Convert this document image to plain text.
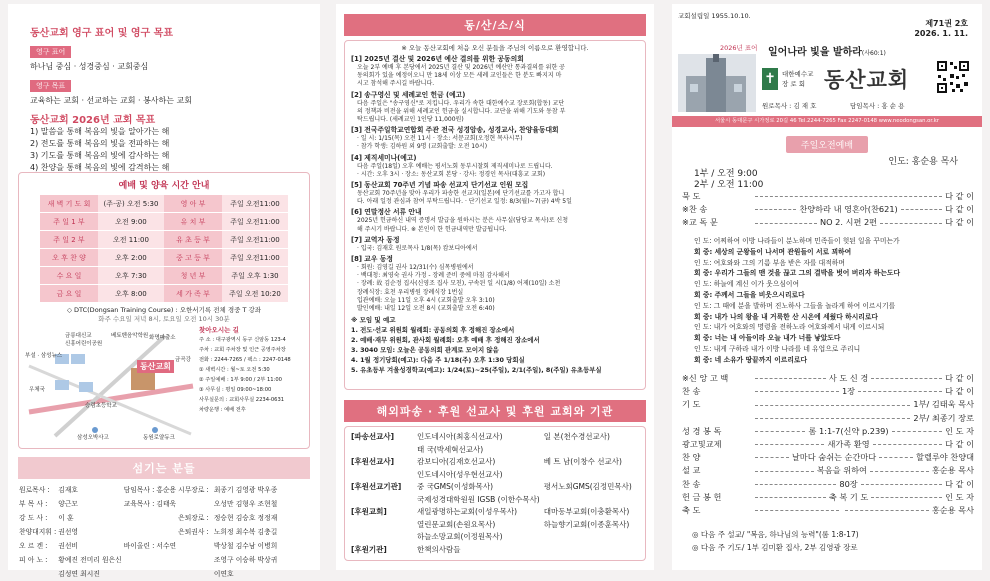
동산교회 영구 표어 및 영구 목표
영구 표어
하나님 중심 · 성경중심 · 교회중심
영구 목표
교육하는 교회 · 선교하는 교회 · 봉사하는 교회
동산교회 2026년 교회 목표
1) 말씀을 통해 복음의 빛을 알아가는 해
2) 전도를 통해 복음의 빛을 전파하는 해
3) 기도를 통해 복음의 빛에 감사하는 해
4) 찬양을 통해 복음의 빛에 감격하는 해
예배 및 양육 시간 안내
새 벽 기 도 회	(주·공) 오전 5:30	영 아 부	주일 오전11:00
주 일 1 부	오전 9:00	유 치 부	주일 오전11:00
주 일 2 부	오전 11:00	유 초 등 부	주일 오전11:00
오 후 찬 양	오후 2:00	중 고 등 부	주일 오전11:00
수 요 일	오후 7:30	청 년 부	주일 오후 1:30
금 요 일	오후 8:00	세 가 족 부	주일 오전 10:20
◇ DTC(Dongsan Training Course) : 오한서기록 전체 경중 T 강좌
화주 수요일 저녁 8시, 토요일 오전 10시 30분
동산교회
금릉대신교
신흥어린이공원
부설 · 삼성뉴스
베토벤음악학원
우체국
화명파출소
금곡강
승림초등학교
삼성오박사고	동원로얄듀크
찾아오시는 길
주 소 : 대구광역시 동구 신암동 123-4
주차 : 교회 주차장 및 인근 공영주차장
전화 : 2244-7265 / 팩스 : 2247-0148
① 새벽시간 : 월~토 오전 5:30
② 주일예배 : 1부 9:00 / 2부 11:00
③ 사무실 : 평일 09:00~18:00
사무실문의 : 교회사무실 2234-0631
차량운행 : 예배 전후
섬기는 분들
원로목사 :	김재호	담임목사 :	홍순용	시무장로 :	최종기 김영광 박우종
부 목 사 :	양근모	교육목사 :	김태욱		오성만 김형우 조현철
강 도 사 :	이 훈			은퇴장로 :	정승현 김승호 정정재
찬양대지휘 :	권선영			은퇴권사 :	노희정 최수복 김충길
오 르 겐 :	권선비	바이올린 :	서수연		박상철 김수남 이병희
피 아 노 :	황예진 전미리 원은신				조영구 이승하 박상귀
	김성연 최시진				이연호
동/산/소/식
※ 오늘 동산교회에 처음 오신 분들을 주님의 이름으로 환영합니다.
[1] 2025년 결산 및 2026년 예산 결의를 위한 공동의회
오늘 2부 예배 후 본당에서 2025년 결산 및 2026년 예산안 통과결의를 위한 공
동의회가 있을 예정이오니 만 18세 이상 모든 세례 교인들은 한 분도 빠지지 마
시고 참석해 주시길 바랍니다.
[2] 송구영신 및 세례교인 헌금 (예고)
다음 주일은 "송구영신"로 지킵니다. 우리가 속한 대한예수교 장로회(합동) 교단
의 정책과 비전을 위해 세례교인 헌금을 실시합니다. 교단을 위해 기도와 동참 부
탁드립니다. (세례교인 1인당 11,000원)
[3] 전국주일학교연합회 주관 전국 성경암송, 성경교사, 찬양율동대회
· 일 시: 1/15(목) 오전 11시 · 장소: 서문교회(오정현 목사시무)
· 참가 학생: 김하원 외 9명 (교회출발: 오전 10시)
[4] 제직세미나(예고)
다음 주일(18일) 오후 예배는 평서노회 동부시찰회 제직세미나로 드립니다.
· 시간: 오후 3시 · 장소: 동산교회 본당 · 강사: 정경인 목사(대흥교 교회)
[5] 동산교회 70주년 기념 파송 선교지 단기선교 인원 모집
동산교회 70주년을 맞아 우리가 파송한 선교지(일본)에 단기선교를 가고자 합니
다. 아래 일정 관심과 참여 부탁드립니다. · 단기선교 일정: 8/3(월)~7(금) 4박 5일
[6] 연말정산 서류 안내
2025년 헌금하신 내역 증명서 발급을 원하시는 분은 사무실(담당교 목사)로 신청
해 주시기 바랍니다. ※ 본인이 한 헌금내역만 발급됩니다.
[7] 교역자 동정
· 입국: 김재호 원로목사 1/8(목) 캄보디아에서
[8] 교우 동정
· 회원: 김영길 권사 12/31(수) 심목병원에서
· 백대청: 최영숙 권사 가정 - 장례 준비 중에 마침 감사해서
· 장례: 故 김순정 집사(신영조 집사 모친), 구속된 일 시(1/8) 어제(10일) 소천
장례식장: 효천 우리병원 장례식장 1번실
입관예배: 오늘 11일 오후 4시 (교회출발 오후 3:10)
발인예배: 내일 12일 오전 8시 (교회출발 오전 6:40)
※ 모임 및 예고
1. 전도·선교 위원회 월례회: 공동의회 후 정해진 장소에서
2. 예배·재무 위원회, 관사회 월례회: 오후 예배 후 정해진 장소에서
3. 3040 모임: 오늘은 공동의회 관계로 모이지 않음
4. 1월 정기당회(예고): 다음 주 1/18(주) 오후 1:30 당회실
5. 유초등부 겨울성경학교(예고): 1/24(토)~25(주일), 2/1(주일), 8(주일) 유초등부실
해외파송 · 후원 선교사 및 후원 교회와 기관
[파송선교사]	인도네시아(최홍식선교사)	일 본(천수경선교사)
	태 국(박세혁선교사)	
[후원선교사]	캄보디아(김재호선교사)	베 트 남(이창수 선교사)
	인도네시아(성우현선교사)	
[후원선교기관]	중 국GMS(이성화목사)	평서노회GMS(김정민목사)
	국제성경대학원원 IGSB (이한수목사)	
[후원교회]	새일광명하는교회(이성우목사)	대마동부교회(이충환목사)
	열린문교회(손원요목사)	하늘향기교회(이종훈목사)
	하늘소망교회(이정원목사)	
[후원기관]	한책의사람들	
교회설립일 1955.10.10.
제71권 2호
2026. 1. 11.
2026년 표어 일어나라 빛을 발하라(사60:1)
✝ 대한예수교
장 로 회 동산교회
원로목사 : 김 재 호	담임목사 : 홍 순 용
서울시 동대문구 시가정로 20길 46 Tel.2244-7265 Fax 2247-0148 www.neodongsan.or.kr
주일오전예배
인도: 홍순용 목사
1부 / 오전 9:00
2부 / 오전 11:00
묵 도	다 같 이
※찬 송	찬양하라 내 영혼아(찬621)	다 같 이
※교 독 문	NO 2. 시편 2편	다 같 이
인 도: 어찌하여 이방 나라들이 분노하며 민족들이 헛된 일을 꾸미는가
회 중: 세상의 군왕들이 나서며 관원들이 서로 꾀하여
인 도: 여호와와 그의 기름 부음 받은 자를 대적하며
회 중: 우리가 그들의 맨 것을 끊고 그의 결박을 벗어 버리자 하는도다
인 도: 하늘에 계신 이가 웃으심이여
회 중: 주께서 그들을 비웃으시리로다
인 도: 그 때에 분을 발하며 진노하사 그들을 놀라게 하여 이르시기를
회 중: 내가 나의 왕을 내 거룩한 산 시온에 세웠다 하시리로다
인 도: 내가 여호와의 명령을 전하노라 여호와께서 내게 이르시되
회 중: 너는 내 아들이라 오늘 내가 너를 낳았도다
인 도: 내게 구하라 내가 이방 나라를 네 유업으로 주리니
회 중: 네 소유가 땅끝까지 이르리로다
※신 앙 고 백	사 도 신 경	다 같 이
찬 송	1장	다 같 이
기 도	1부/ 김태욱 목사
2부/ 최종기 장로
성 경 봉 독	롬 1:1-7(신약 p.239)	인 도 자
광고및교제	새가족 환영	다 같 이
찬 양	날마다 숨쉬는 순간마다	할렐루야 찬양대
설 교	복음을 위하여	홍순용 목사
찬 송	80장	다 같 이
헌 금 봉 헌	축 복 기 도	인 도 자
축 도	홍순용 목사
◎ 다음 주 설교/ "복음, 하나님의 능력"(롬 1:8-17)
◎ 다음 주 기도/ 1부 김미환 집사, 2부 김영광 장로
